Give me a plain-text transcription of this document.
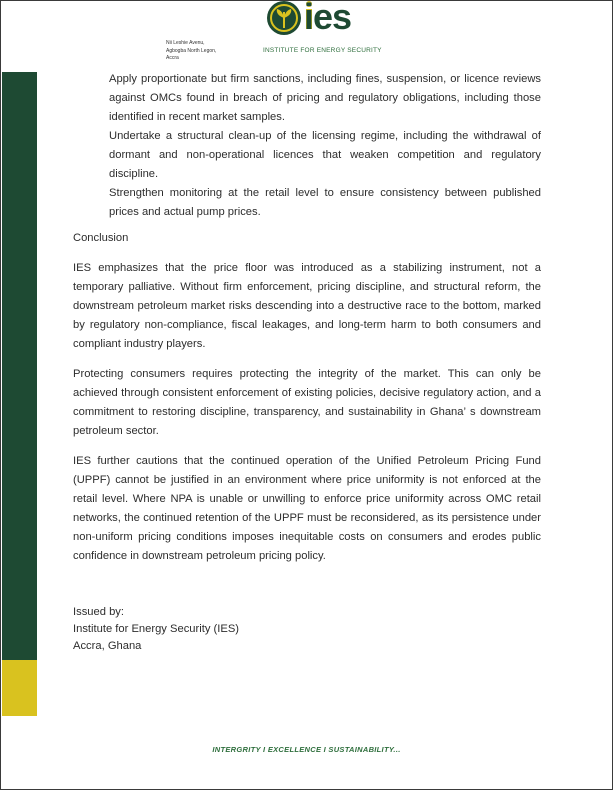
ies
INSTITUTE FOR ENERGY SECURITY
Nii Leshie Avenu,
Agbogba North Legon,
Accra
Apply proportionate but firm sanctions, including fines, suspension, or licence reviews against OMCs found in breach of pricing and regulatory obligations, including those identified in recent market samples.
Undertake a structural clean-up of the licensing regime, including the withdrawal of dormant and non-operational licences that weaken competition and regulatory discipline.
Strengthen monitoring at the retail level to ensure consistency between published prices and actual pump prices.
Conclusion

IES emphasizes that the price floor was introduced as a stabilizing instrument, not a temporary palliative. Without firm enforcement, pricing discipline, and structural reform, the downstream petroleum market risks descending into a destructive race to the bottom, marked by regulatory non-compliance, fiscal leakages, and long-term harm to both consumers and compliant industry players.

Protecting consumers requires protecting the integrity of the market. This can only be achieved through consistent enforcement of existing policies, decisive regulatory action, and a commitment to restoring discipline, transparency, and sustainability in Ghana’ s downstream petroleum sector.

IES further cautions that the continued operation of the Unified Petroleum Pricing Fund (UPPF) cannot be justified in an environment where price uniformity is not enforced at the retail level. Where NPA is unable or unwilling to enforce price uniformity across OMC retail networks, the continued retention of the UPPF must be reconsidered, as its persistence under non-uniform pricing conditions imposes inequitable costs on consumers and erodes public confidence in downstream petroleum pricing policy.

Issued by:
Institute for Energy Security (IES)
Accra, Ghana
INTERGRITY I EXCELLENCE I SUSTAINABILITY...
